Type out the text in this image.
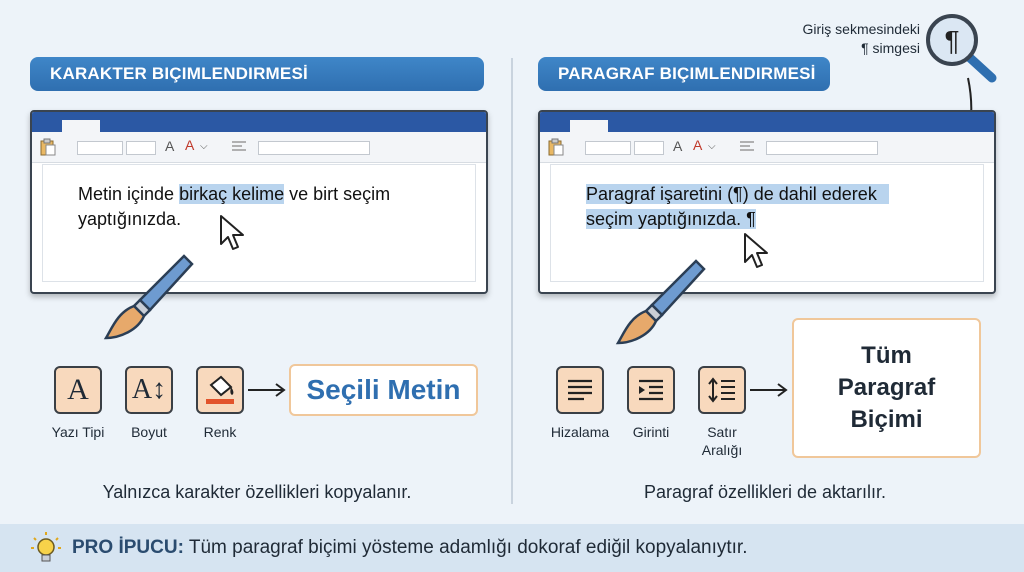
KARAKTER BIÇIMLENDIRMESİ
A A ⌵
Metin içinde birkaç kelime ve birt seçim
yaptığınızda.
A
Yazı Tipi
A↕
Boyut	Renk
Seçili Metin
Yalnızca karakter özellikleri kopyalanır.
PARAGRAF BIÇIMLENDIRMESİ
Giriş sekmesindeki
¶ simgesi ¶
A A ⌵
Paragraf işaretini (¶) de dahil ederek
seçim yaptığınızda. ¶
Hizalama	Girinti	Satır Aralığı
Tüm
Paragraf
Biçimi
Paragraf özellikleri de aktarılır.
PRO İPUCU: Tüm paragraf biçimi yösteme adamlığı dokoraf ediğil kopyalanıytır.
